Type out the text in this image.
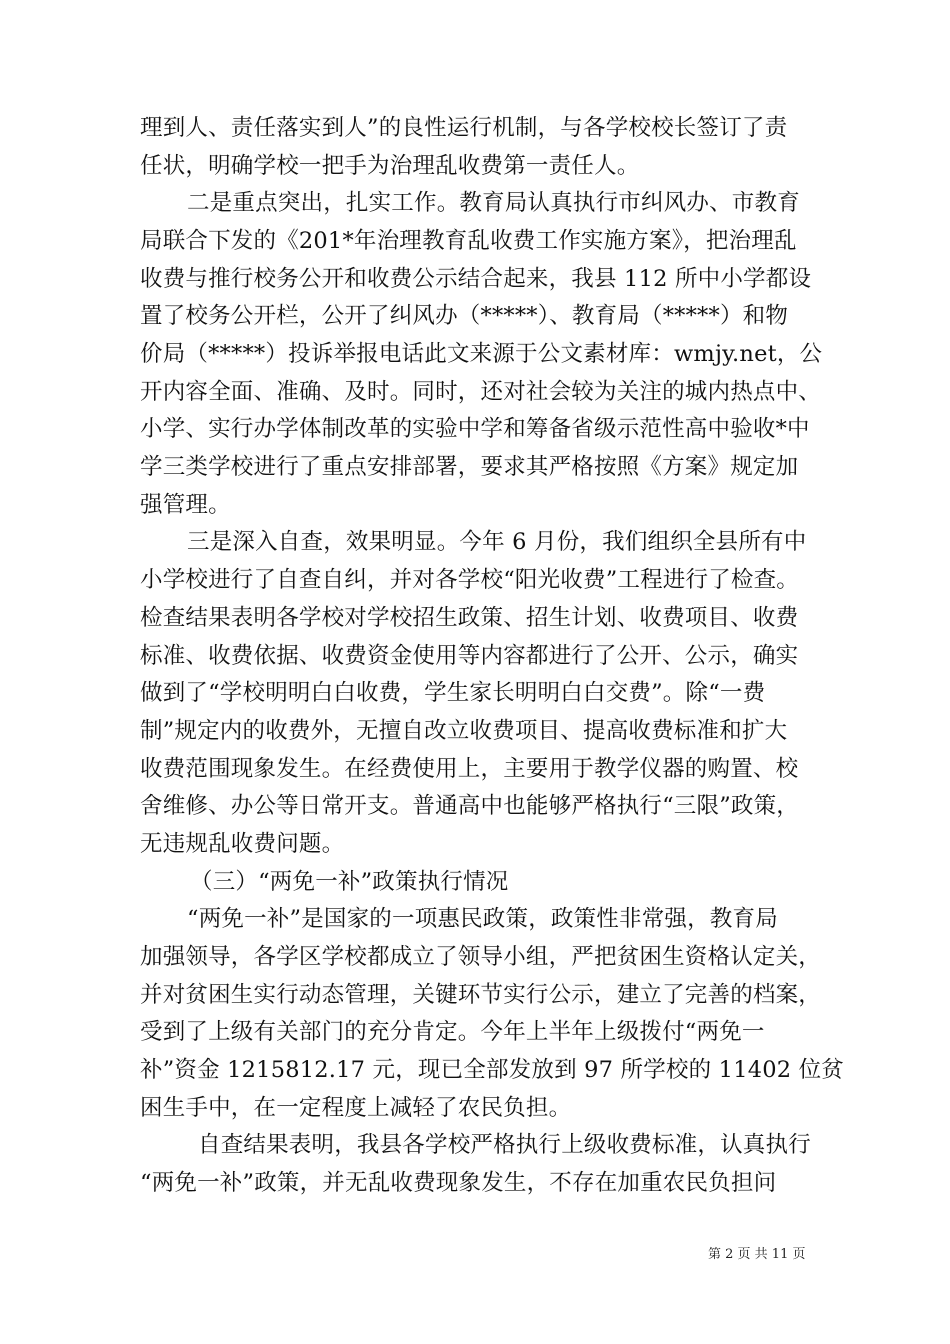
理到人、责任落实到人”的良性运行机制，与各学校校长签订了责
任状，明确学校一把手为治理乱收费第一责任人。
二是重点突出，扎实工作。教育局认真执行市纠风办、市教育
局联合下发的《201*年治理教育乱收费工作实施方案》，把治理乱
收费与推行校务公开和收费公示结合起来，我县 112 所中小学都设
置了校务公开栏，公开了纠风办（*****）、教育局（*****）和物
价局（*****）投诉举报电话此文来源于公文素材库：wmjy.net，公
开内容全面、准确、及时。同时，还对社会较为关注的城内热点中、
小学、实行办学体制改革的实验中学和筹备省级示范性高中验收*中
学三类学校进行了重点安排部署，要求其严格按照《方案》规定加
强管理。
三是深入自查，效果明显。今年 6 月份，我们组织全县所有中
小学校进行了自查自纠，并对各学校“阳光收费”工程进行了检查。
检查结果表明各学校对学校招生政策、招生计划、收费项目、收费
标准、收费依据、收费资金使用等内容都进行了公开、公示，确实
做到了“学校明明白白收费，学生家长明明白白交费”。除“一费
制”规定内的收费外，无擅自改立收费项目、提高收费标准和扩大
收费范围现象发生。在经费使用上，主要用于教学仪器的购置、校
舍维修、办公等日常开支。普通高中也能够严格执行“三限”政策，
无违规乱收费问题。
（三）“两免一补”政策执行情况
“两免一补”是国家的一项惠民政策，政策性非常强，教育局
加强领导，各学区学校都成立了领导小组，严把贫困生资格认定关，
并对贫困生实行动态管理，关键环节实行公示，建立了完善的档案，
受到了上级有关部门的充分肯定。今年上半年上级拨付“两免一
补”资金 1215812.17 元，现已全部发放到 97 所学校的 11402 位贫
困生手中，在一定程度上减轻了农民负担。
自查结果表明，我县各学校严格执行上级收费标准，认真执行
“两免一补”政策，并无乱收费现象发生，不存在加重农民负担问
第 2 页 共 11 页
